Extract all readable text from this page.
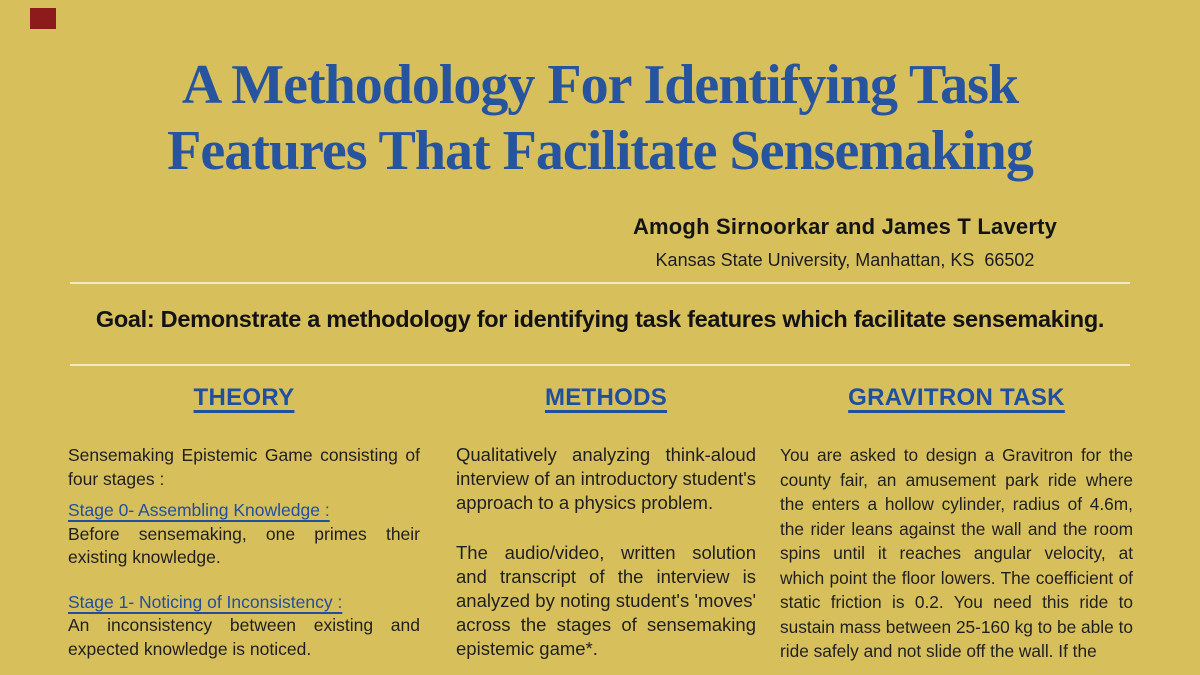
A Methodology For Identifying Task
Features That Facilitate Sensemaking
Amogh Sirnoorkar and James T Laverty
Kansas State University, Manhattan, KS  66502
Goal: Demonstrate a methodology for identifying task features which facilitate sensemaking.
THEORY

Sensemaking Epistemic Game consisting of four stages :

Stage 0- Assembling Knowledge :

Before sensemaking, one primes their existing knowledge.

Stage 1- Noticing of Inconsistency :

An inconsistency between existing and expected knowledge is noticed.

METHODS

Qualitatively analyzing think-aloud interview of an introductory student's approach to a physics problem.

The audio/video, written solution and transcript of the interview is analyzed by noting student's 'moves' across the stages of sensemaking epistemic game*.

GRAVITRON TASK

You are asked to design a Gravitron for the county fair, an amusement park ride where the enters a hollow cylinder, radius of 4.6m, the rider leans against the wall and the room spins until it reaches angular velocity, at which point the floor lowers. The coefficient of static friction is 0.2. You need this ride to sustain mass between 25-160 kg to be able to ride safely and not slide off the wall. If the
